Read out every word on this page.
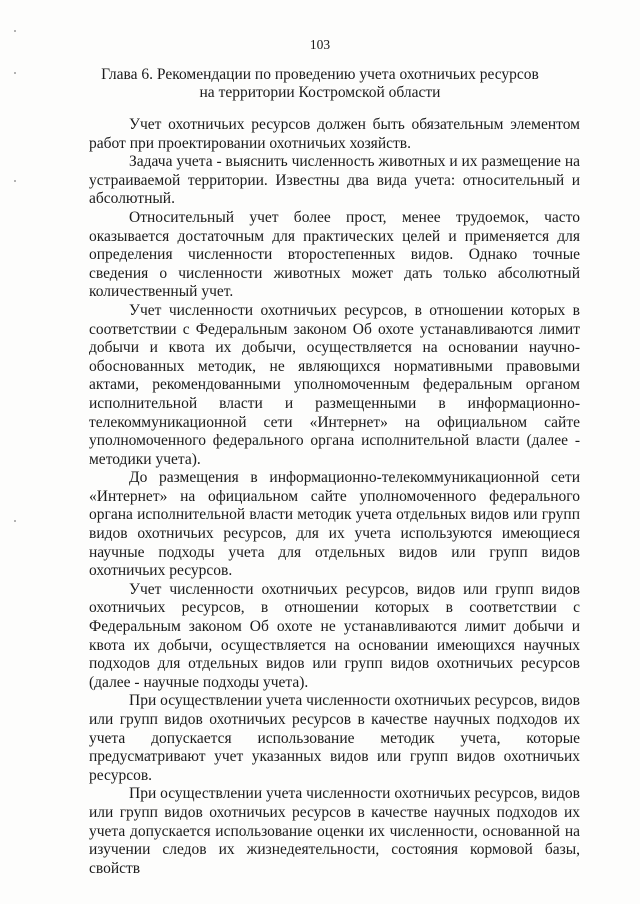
103
Глава 6. Рекомендации по проведению учета охотничьих ресурсов
на территории Костромской области

Учет охотничьих ресурсов должен быть обязательным элементом работ при проектировании охотничьих хозяйств.

Задача учета - выяснить численность животных и их размещение на устраиваемой территории. Известны два вида учета: относительный и абсолютный.

Относительный учет более прост, менее трудоемок, часто оказывается достаточным для практических целей и применяется для определения численности второстепенных видов. Однако точные сведения о численности животных может дать только абсолютный количественный учет.

Учет численности охотничьих ресурсов, в отношении которых в соответствии с Федеральным законом Об охоте устанавливаются лимит добычи и квота их добычи, осуществляется на основании научно-обоснованных методик, не являющихся нормативными правовыми актами, рекомендованными уполномоченным федеральным органом исполнительной власти и размещенными в информационно-телекоммуникационной сети «Интернет» на официальном сайте уполномоченного федерального органа исполнительной власти (далее - методики учета).

До размещения в информационно-телекоммуникационной сети «Интернет» на официальном сайте уполномоченного федерального органа исполнительной власти методик учета отдельных видов или групп видов охотничьих ресурсов, для их учета используются имеющиеся научные подходы учета для отдельных видов или групп видов охотничьих ресурсов.

Учет численности охотничьих ресурсов, видов или групп видов охотничьих ресурсов, в отношении которых в соответствии с Федеральным законом Об охоте не устанавливаются лимит добычи и квота их добычи, осуществляется на основании имеющихся научных подходов для отдельных видов или групп видов охотничьих ресурсов (далее - научные подходы учета).

При осуществлении учета численности охотничьих ресурсов, видов или групп видов охотничьих ресурсов в качестве научных подходов их учета допускается использование методик учета, которые предусматривают учет указанных видов или групп видов охотничьих ресурсов.

При осуществлении учета численности охотничьих ресурсов, видов или групп видов охотничьих ресурсов в качестве научных подходов их учета допускается использование оценки их численности, основанной на изучении следов их жизнедеятельности, состояния кормовой базы, свойств
